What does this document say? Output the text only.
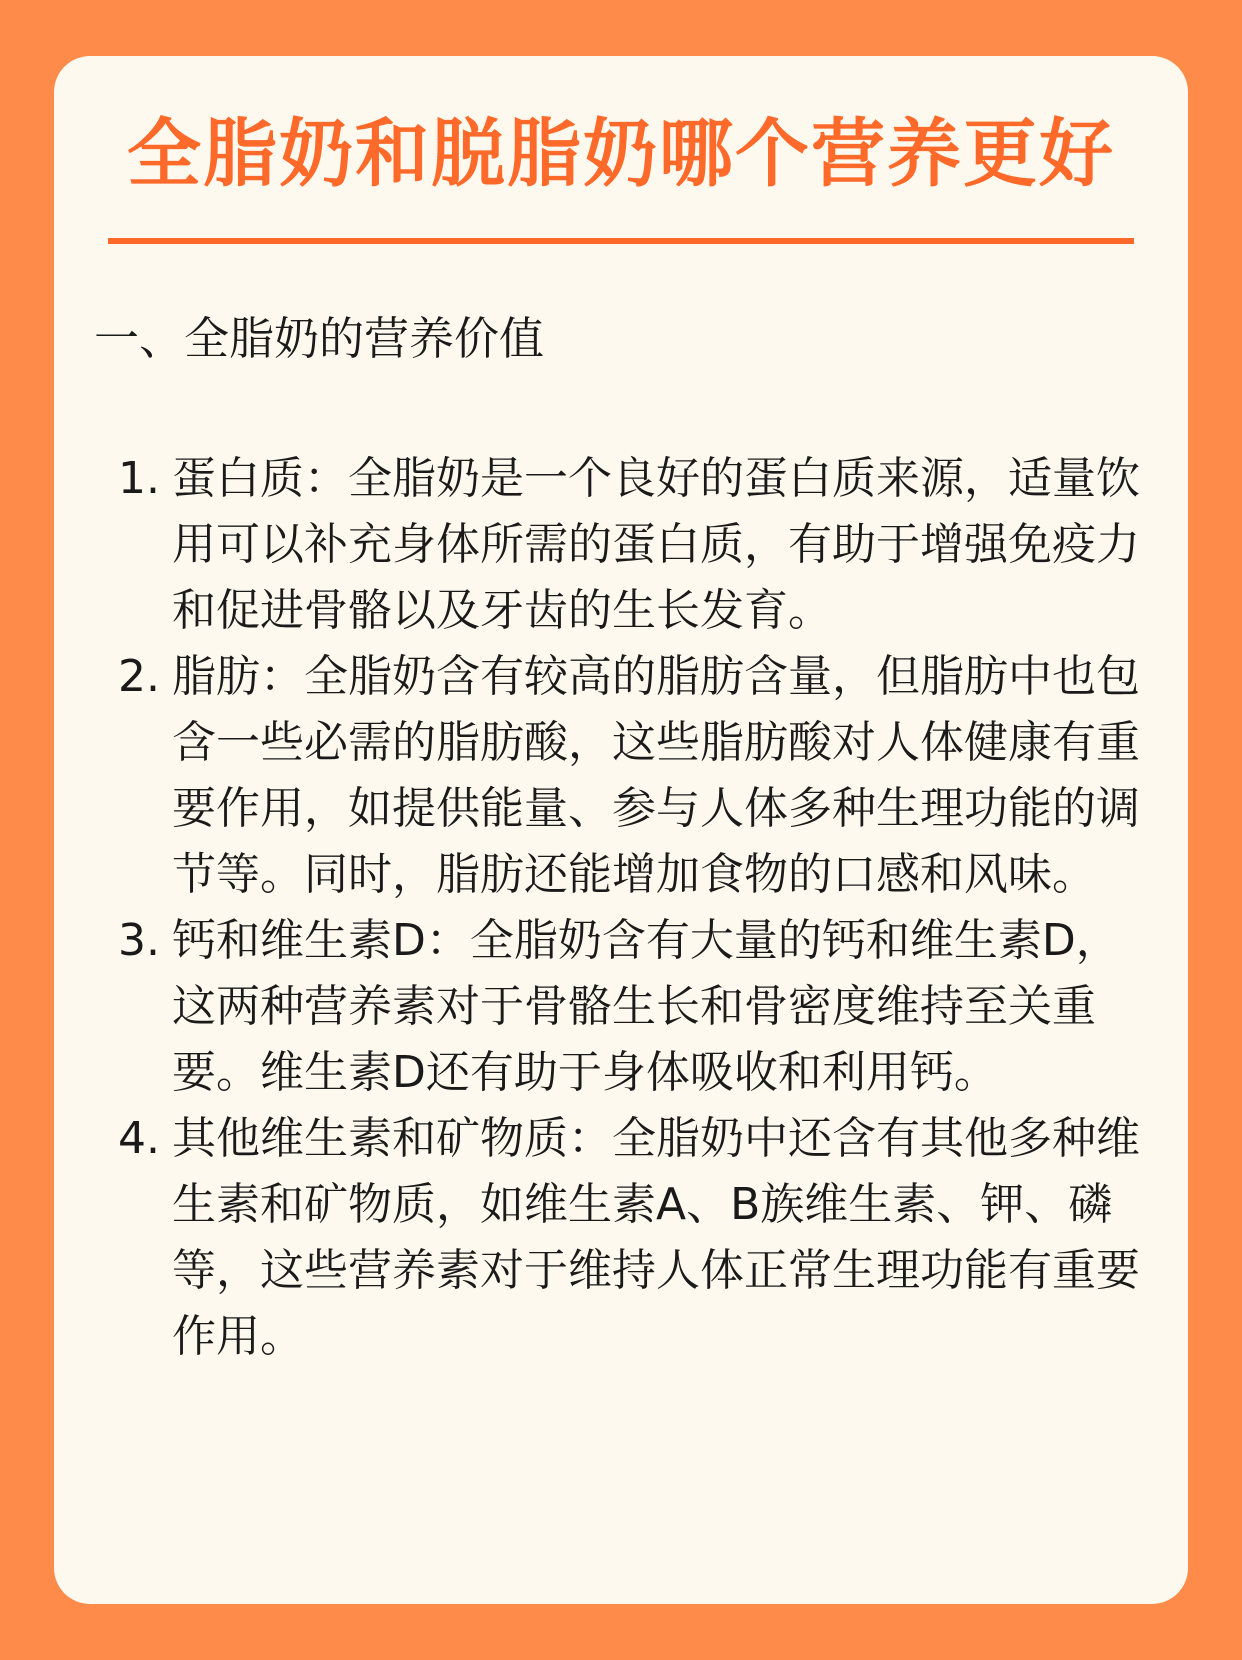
全脂奶和脱脂奶哪个营养更好
一、全脂奶的营养价值
1. 蛋白质：全脂奶是一个良好的蛋白质来源，适量饮用可以补充身体所需的蛋白质，有助于增强免疫力和促进骨骼以及牙齿的生长发育。
2. 脂肪：全脂奶含有较高的脂肪含量，但脂肪中也包含一些必需的脂肪酸，这些脂肪酸对人体健康有重要作用，如提供能量、参与人体多种生理功能的调节等。同时，脂肪还能增加食物的口感和风味。
3. 钙和维生素D：全脂奶含有大量的钙和维生素D，这两种营养素对于骨骼生长和骨密度维持至关重要。维生素D还有助于身体吸收和利用钙。
4. 其他维生素和矿物质：全脂奶中还含有其他多种维生素和矿物质，如维生素A、B族维生素、钾、磷等，这些营养素对于维持人体正常生理功能有重要作用。
